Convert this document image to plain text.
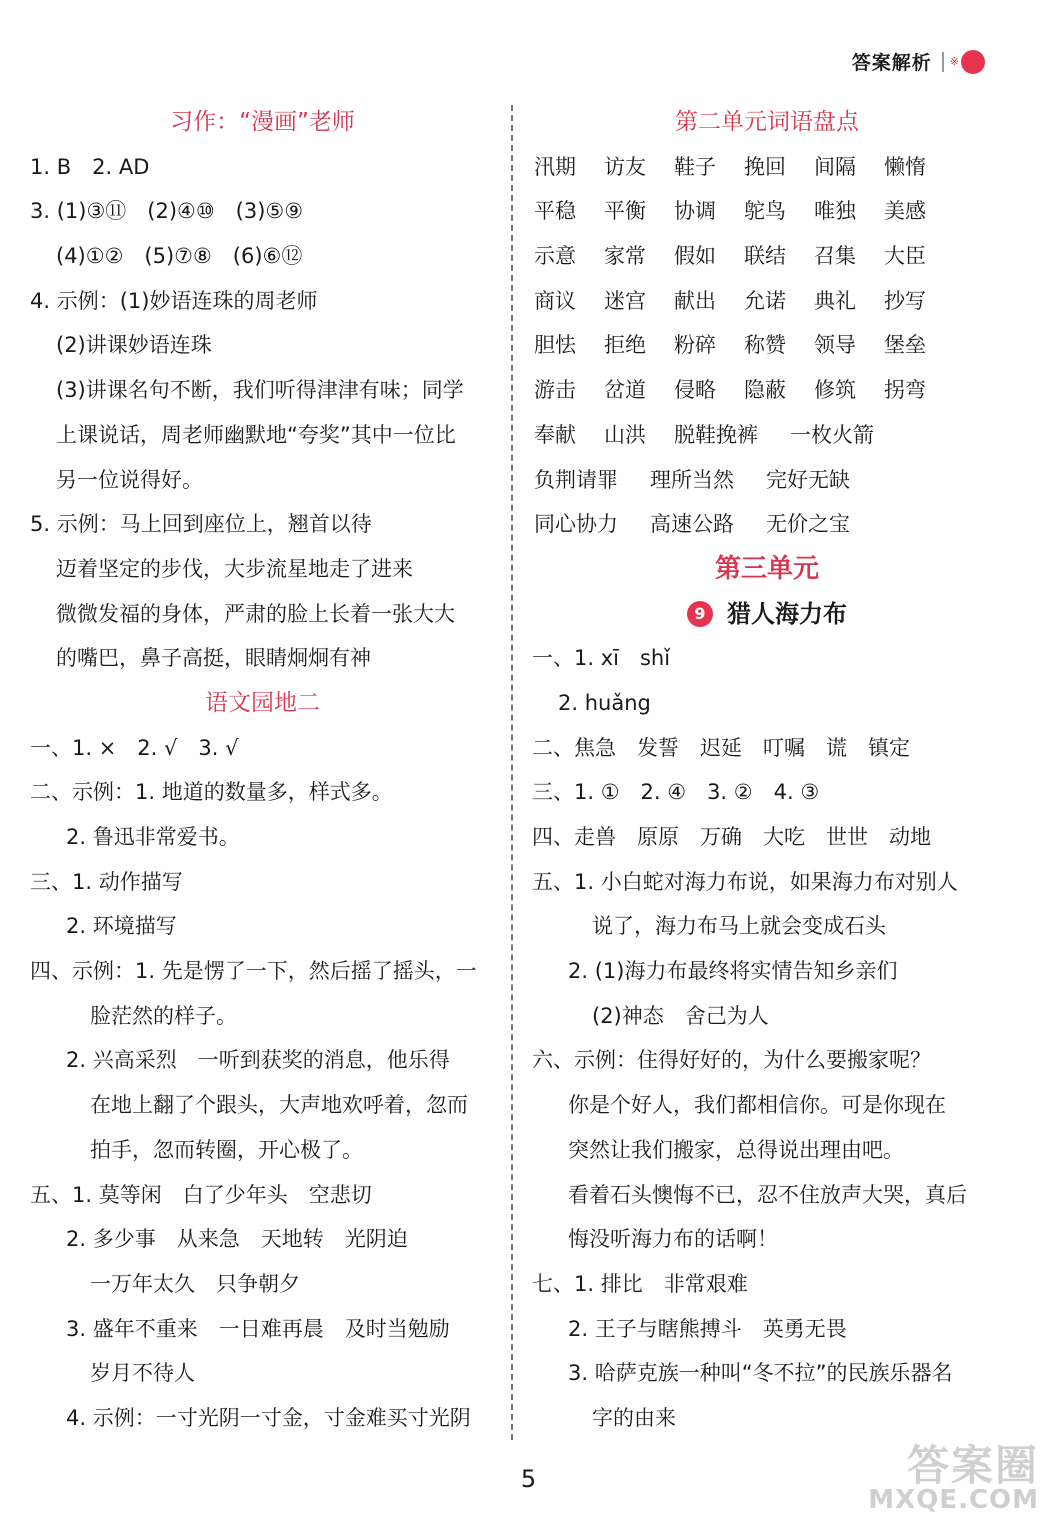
答案解析 ※
习作：“漫画”老师
1. B　2. AD
3. (1)③⑪　(2)④⑩　(3)⑤⑨
(4)①②　(5)⑦⑧　(6)⑥⑫
4. 示例：(1)妙语连珠的周老师
(2)讲课妙语连珠
(3)讲课名句不断，我们听得津津有味；同学
上课说话，周老师幽默地“夸奖”其中一位比
另一位说得好。
5. 示例：马上回到座位上，翘首以待
迈着坚定的步伐，大步流星地走了进来
微微发福的身体，严肃的脸上长着一张大大
的嘴巴，鼻子高挺，眼睛炯炯有神
语文园地二
一、1. ×　2. √　3. √
二、示例：1. 地道的数量多，样式多。
2. 鲁迅非常爱书。
三、1. 动作描写
2. 环境描写
四、示例：1. 先是愣了一下，然后摇了摇头，一
脸茫然的样子。
2. 兴高采烈　一听到获奖的消息，他乐得
在地上翻了个跟头，大声地欢呼着，忽而
拍手，忽而转圈，开心极了。
五、1. 莫等闲　白了少年头　空悲切
2. 多少事　从来急　天地转　光阴迫
一万年太久　只争朝夕
3. 盛年不重来　一日难再晨　及时当勉励
岁月不待人
4. 示例：一寸光阴一寸金，寸金难买寸光阴
第二单元词语盘点
汛期	访友	鞋子	挽回	间隔	懒惰
平稳	平衡	协调	鸵鸟	唯独	美感
示意	家常	假如	联结	召集	大臣
商议	迷宫	献出	允诺	典礼	抄写
胆怯	拒绝	粉碎	称赞	领导	堡垒
游击	岔道	侵略	隐蔽	修筑	拐弯
奉献	山洪	脱鞋挽裤	一枚火箭
负荆请罪	理所当然	完好无缺
同心协力	高速公路	无价之宝
第三单元
9 猎人海力布
一、1. xī　shǐ
2. huǎng
二、焦急　发誓　迟延　叮嘱　谎　镇定
三、1. ①　2. ④　3. ②　4. ③
四、走兽　原原　万确　大吃　世世　动地
五、1. 小白蛇对海力布说，如果海力布对别人
说了，海力布马上就会变成石头
2. (1)海力布最终将实情告知乡亲们
(2)神态　舍己为人
六、示例：住得好好的，为什么要搬家呢？
你是个好人，我们都相信你。可是你现在
突然让我们搬家，总得说出理由吧。
看着石头懊悔不已，忍不住放声大哭，真后
悔没听海力布的话啊！
七、1. 排比　非常艰难
2. 王子与瞎熊搏斗　英勇无畏
3. 哈萨克族一种叫“冬不拉”的民族乐器名
字的由来
5	答案圈
MXQE.COM
